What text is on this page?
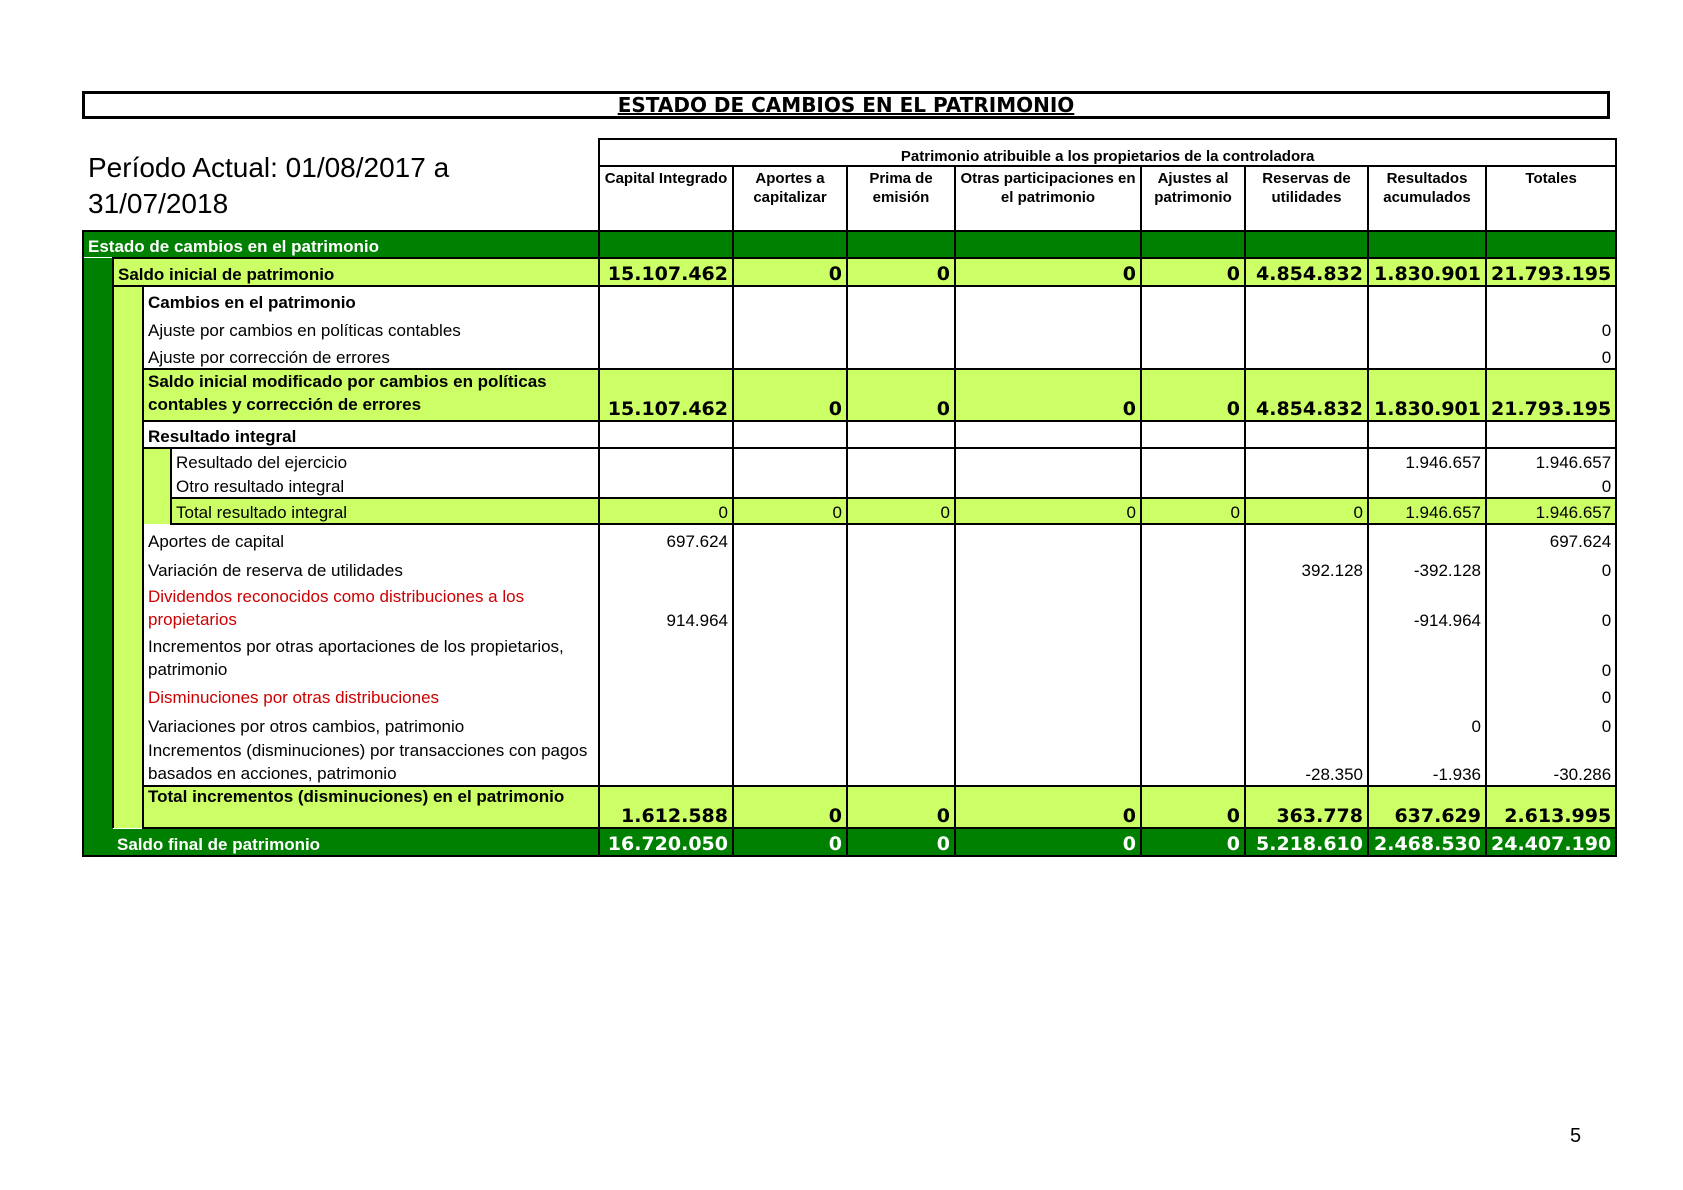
ESTADO DE CAMBIOS EN EL PATRIMONIO
Período Actual: 01/08/2017 a 31/07/2018
				Patrimonio atribuible a los propietarios de la controladora							
				Capital Integrado	Aportes a capitalizar	Prima de emisión	Otras participaciones en el patrimonio	Ajustes al patrimonio	Reservas de utilidades	Resultados acumulados	Totales
Estado de cambios en el patrimonio											
	Saldo inicial de patrimonio			15.107.462	0	0	0	0	4.854.832	1.830.901	21.793.195
		Cambios en el patrimonio									
		Ajuste por cambios en políticas contables									0
		Ajuste por corrección de errores									0
		Saldo inicial modificado por cambios en políticas contables y corrección de errores		15.107.462	0	0	0	0	4.854.832	1.830.901	21.793.195
		Resultado integral									
			Resultado del ejercicio							1.946.657	1.946.657
			Otro resultado integral								0
			Total resultado integral	0	0	0	0	0	0	1.946.657	1.946.657
		Aportes de capital		697.624							697.624
		Variación de reserva de utilidades							392.128	-392.128	0
		Dividendos reconocidos como distribuciones a los propietarios		914.964						-914.964	0
		Incrementos por otras aportaciones de los propietarios, patrimonio									0
		Disminuciones por otras distribuciones									0
		Variaciones por otros cambios, patrimonio								0	0
		Incrementos (disminuciones) por transacciones con pagos basados en acciones, patrimonio							-28.350	-1.936	-30.286
		Total incrementos (disminuciones) en el patrimonio		1.612.588	0	0	0	0	363.778	637.629	2.613.995
	Saldo final de patrimonio			16.720.050	0	0	0	0	5.218.610	2.468.530	24.407.190
5
